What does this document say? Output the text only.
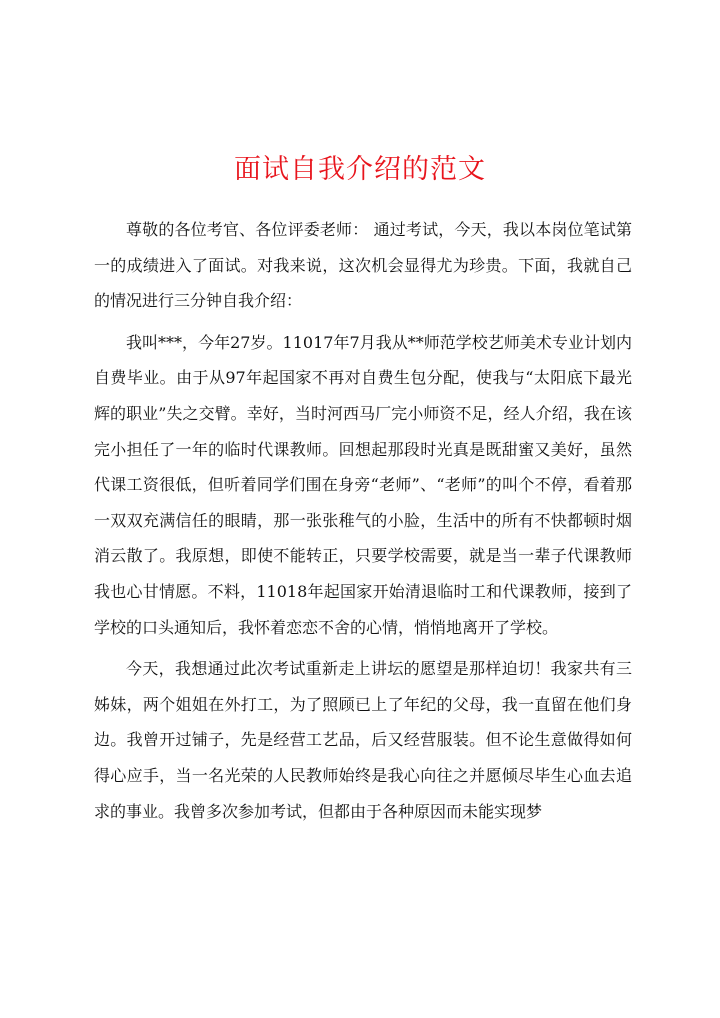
面试自我介绍的范文

尊敬的各位考官、各位评委老师： 通过考试，今天，我以本岗位笔试第一的成绩进入了面试。对我来说，这次机会显得尤为珍贵。下面，我就自己的情况进行三分钟自我介绍：

我叫***，今年27岁。11017年7月我从**师范学校艺师美术专业计划内自费毕业。由于从97年起国家不再对自费生包分配，使我与“太阳底下最光辉的职业”失之交臂。幸好，当时河西马厂完小师资不足，经人介绍，我在该完小担任了一年的临时代课教师。回想起那段时光真是既甜蜜又美好，虽然代课工资很低，但听着同学们围在身旁“老师”、“老师”的叫个不停，看着那一双双充满信任的眼睛，那一张张稚气的小脸，生活中的所有不快都顿时烟消云散了。我原想，即使不能转正，只要学校需要，就是当一辈子代课教师我也心甘情愿。不料，11018年起国家开始清退临时工和代课教师，接到了学校的口头通知后，我怀着恋恋不舍的心情，悄悄地离开了学校。

今天，我想通过此次考试重新走上讲坛的愿望是那样迫切！我家共有三姊妹，两个姐姐在外打工，为了照顾已上了年纪的父母，我一直留在他们身边。我曾开过铺子，先是经营工艺品，后又经营服装。但不论生意做得如何得心应手，当一名光荣的人民教师始终是我心向往之并愿倾尽毕生心血去追求的事业。我曾多次参加考试，但都由于各种原因而未能实现梦
